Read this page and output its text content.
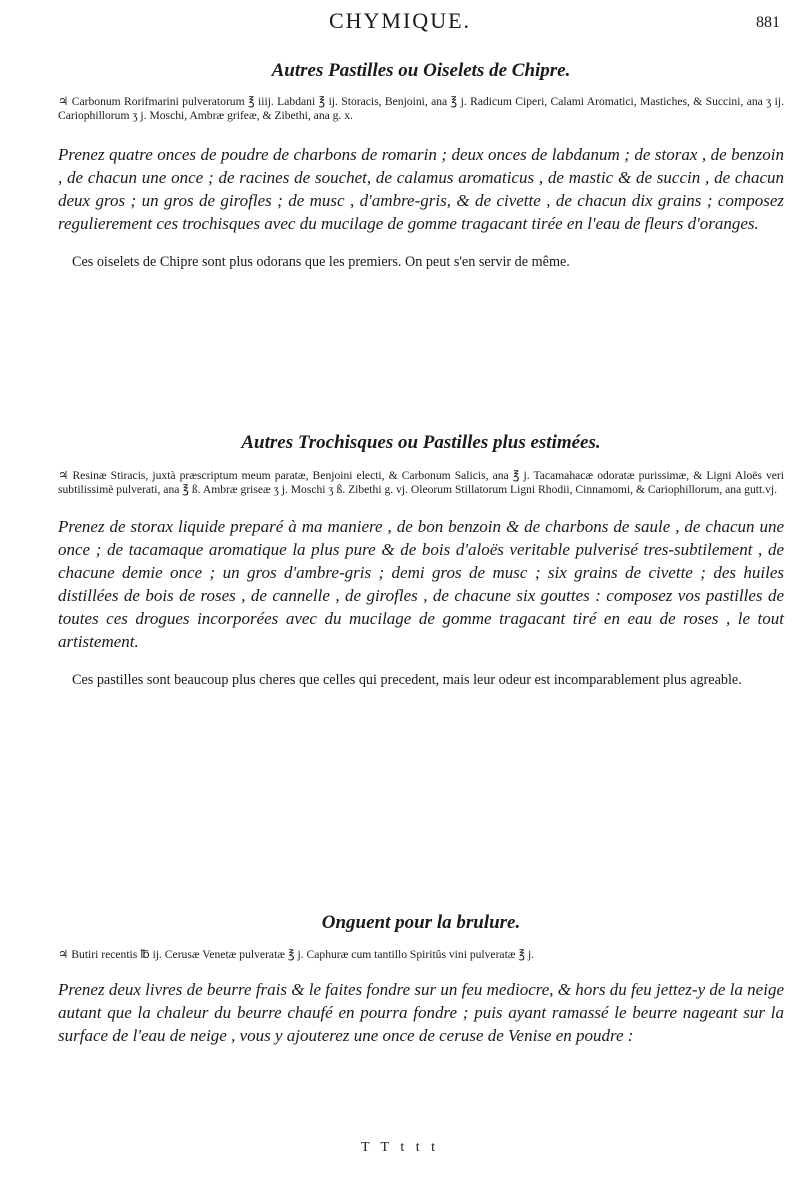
CHYMIQUE.	881
Autres Pastilles ou Oiselets de Chipre.

♃ Carbonum Rorifmarini pulveratorum ℥ iiij. Labdani ℥ ij. Storacis, Benjoini, ana ℥ j. Radicum Ciperi, Calami Aromatici, Mastiches, & Succini, ana ʒ ij. Cariophillorum ʒ j. Moschi, Ambræ grifeæ, & Zibethi, ana g. x.

Prenez quatre onces de poudre de charbons de romarin ; deux onces de labdanum ; de storax , de benzoin , de chacun une once ; de racines de souchet, de calamus aromaticus , de mastic & de succin , de chacun deux gros ; un gros de girofles ; de musc , d'ambre-gris, & de civette , de chacun dix grains ; composez regulierement ces trochisques avec du mucilage de gomme tragacant tirée en l'eau de fleurs d'oranges.

Ces oiselets de Chipre sont plus odorans que les premiers. On peut s'en servir de même.

Autres Trochisques ou Pastilles plus estimées.

♃ Resinæ Stiracis, juxtà præscriptum meum paratæ, Benjoini electi, & Carbonum Salicis, ana ℥ j. Tacamahacæ odoratæ purissimæ, & Ligni Aloës veri subtilissimè pulverati, ana ℥ ß. Ambræ griseæ ʒ j. Moschi ʒ ß. Zibethi g. vj. Oleorum Stillatorum Ligni Rhodii, Cinnamomi, & Cariophillorum, ana gutt.vj.

Prenez de storax liquide preparé à ma maniere , de bon benzoin & de charbons de saule , de chacun une once ; de tacamaque aromatique la plus pure & de bois d'aloës veritable pulverisé tres-subtilement , de chacune demie once ; un gros d'ambre-gris ; demi gros de musc ; six grains de civette ; des huiles distillées de bois de roses , de cannelle , de girofles , de chacune six gouttes : composez vos pastilles de toutes ces drogues incorporées avec du mucilage de gomme tragacant tiré en eau de roses , le tout artistement.

Ces pastilles sont beaucoup plus cheres que celles qui precedent, mais leur odeur est incomparablement plus agreable.

Onguent pour la brulure.

♃ Butiri recentis ℔ ij. Cerusæ Venetæ pulveratæ ℥ j. Caphuræ cum tantillo Spiritûs vini pulveratæ ℥ j.

Prenez deux livres de beurre frais & le faites fondre sur un feu mediocre, & hors du feu jettez-y de la neige autant que la chaleur du beurre chaufé en pourra fondre ; puis ayant ramassé le beurre nageant sur la surface de l'eau de neige , vous y ajouterez une once de ceruse de Venise en poudre :

T T t t t
